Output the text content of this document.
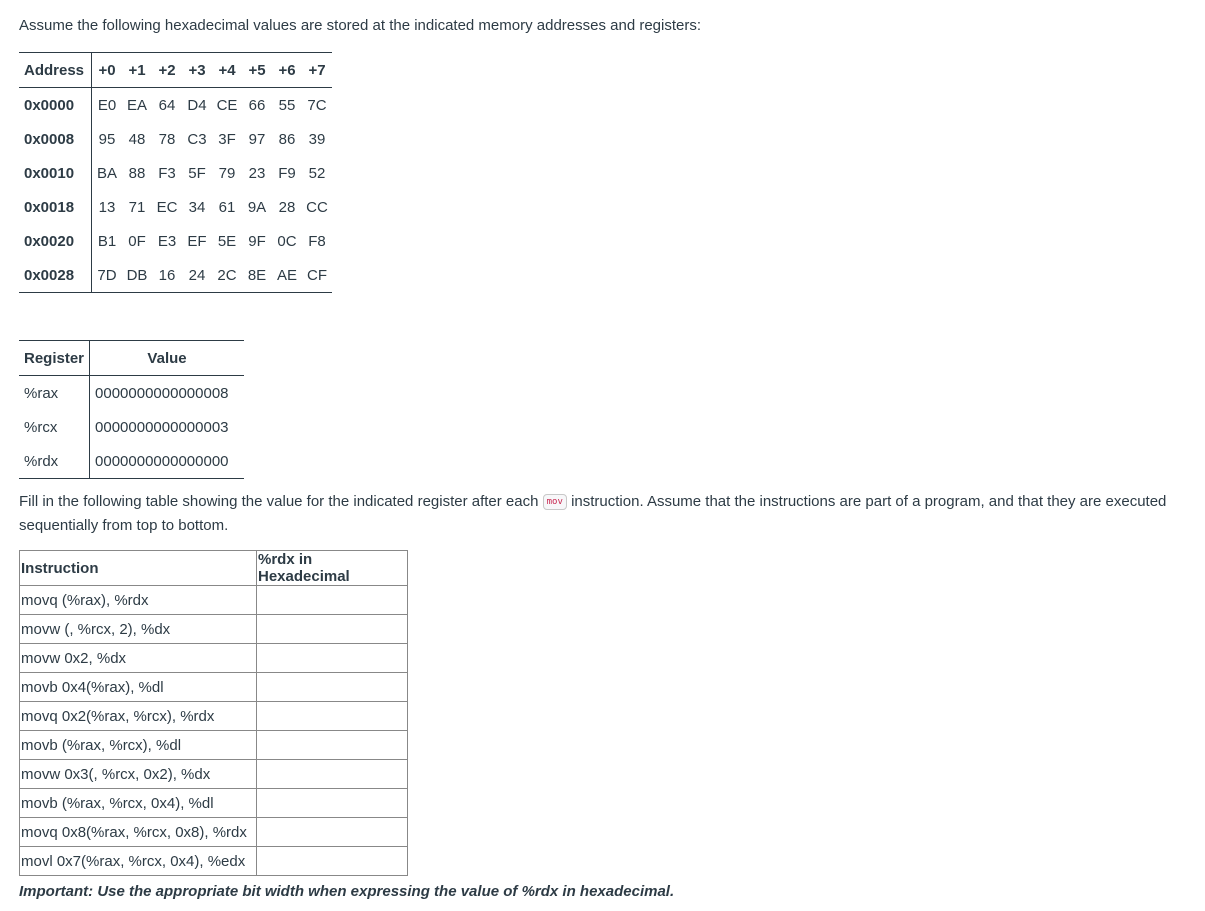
Assume the following hexadecimal values are stored at the indicated memory addresses and registers:

Address	+0	+1	+2	+3	+4	+5	+6	+7
0x0000	E0	EA	64	D4	CE	66	55	7C
0x0008	95	48	78	C3	3F	97	86	39
0x0010	BA	88	F3	5F	79	23	F9	52
0x0018	13	71	EC	34	61	9A	28	CC
0x0020	B1	0F	E3	EF	5E	9F	0C	F8
0x0028	7D	DB	16	24	2C	8E	AE	CF
Register	Value
%rax	0000000000000008
%rcx	0000000000000003
%rdx	0000000000000000

Fill in the following table showing the value for the indicated register after each mov instruction. Assume that the instructions are part of a program, and that they are executed sequentially from top to bottom.

Instruction	%rdx in Hexadecimal
movq (%rax), %rdx	
movw (, %rcx, 2), %dx	
movw 0x2, %dx	
movb 0x4(%rax), %dl	
movq 0x2(%rax, %rcx), %rdx	
movb (%rax, %rcx), %dl	
movw 0x3(, %rcx, 0x2), %dx	
movb (%rax, %rcx, 0x4), %dl	
movq 0x8(%rax, %rcx, 0x8), %rdx	
movl 0x7(%rax, %rcx, 0x4), %edx	

Important: Use the appropriate bit width when expressing the value of %rdx in hexadecimal.
